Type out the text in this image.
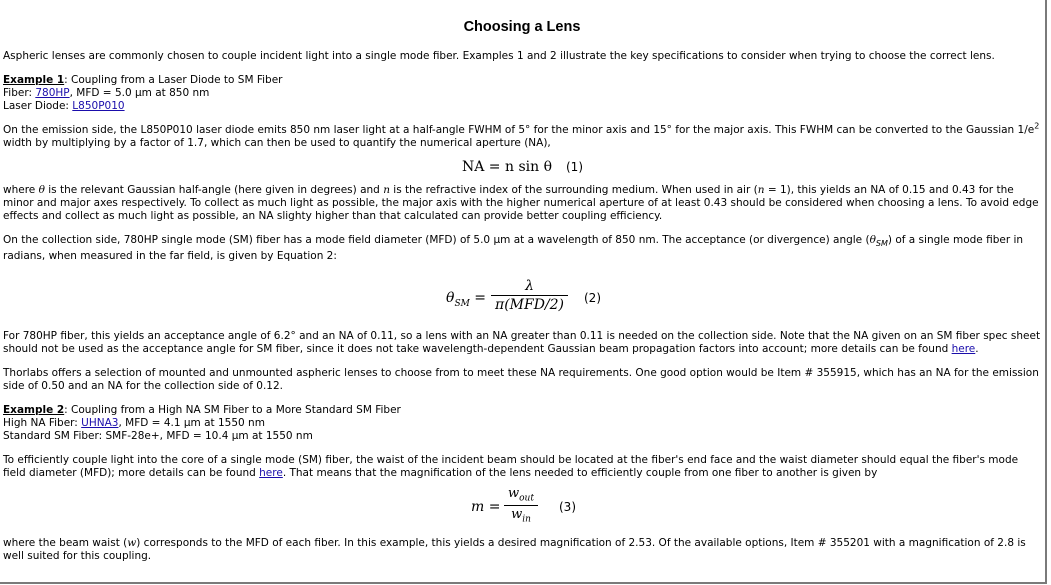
Choosing a Lens

Aspheric lenses are commonly chosen to couple incident light into a single mode fiber. Examples 1 and 2 illustrate the key specifications to consider when trying to choose the correct lens.

Example 1: Coupling from a Laser Diode to SM Fiber

Fiber: 780HP, MFD = 5.0 µm at 850 nm

Laser Diode: L850P010

On the emission side, the L850P010 laser diode emits 850 nm laser light at a half-angle FWHM of 5° for the minor axis and 15° for the major axis. This FWHM can be converted to the Gaussian $1/e^2$ width by multiplying by a factor of 1.7, which can then be used to quantify the numerical aperture (NA),

NA = n sin θ (1)

where θ is the relevant Gaussian half-angle (here given in degrees) and n is the refractive index of the surrounding medium. When used in air (n = 1), this yields an NA of 0.15 and 0.43 for the minor and major axes respectively. To collect as much light as possible, the major axis with the higher numerical aperture of at least 0.43 should be considered when choosing a lens. To avoid edge effects and collect as much light as possible, an NA slighty higher than that calculated can provide better coupling efficiency.

On the collection side, 780HP single mode (SM) fiber has a mode field diameter (MFD) of 5.0 µm at a wavelength of 850 nm. The acceptance (or divergence) angle $(\theta_{SM})$ of a single mode fiber in radians, when measured in the far field, is given by Equation 2:

$\theta_{SM}$ =
λ
π(MFD/2)	(2)

For 780HP fiber, this yields an acceptance angle of 6.2° and an NA of 0.11, so a lens with an NA greater than 0.11 is needed on the collection side. Note that the NA given on an SM fiber spec sheet should not be used as the acceptance angle for SM fiber, since it does not take wavelength-dependent Gaussian beam propagation factors into account; more details can be found here.

Thorlabs offers a selection of mounted and unmounted aspheric lenses to choose from to meet these NA requirements. One good option would be Item # 355915, which has an NA for the emission side of 0.50 and an NA for the collection side of 0.12.

Example 2: Coupling from a High NA SM Fiber to a More Standard SM Fiber

High NA Fiber: UHNA3, MFD = 4.1 µm at 1550 nm

Standard SM Fiber: SMF-28e+, MFD = 10.4 µm at 1550 nm

To efficiently couple light into the core of a single mode (SM) fiber, the waist of the incident beam should be located at the fiber's end face and the waist diameter should equal the fiber's mode field diameter (MFD); more details can be found here. That means that the magnification of the lens needed to efficiently couple from one fiber to another is given by

m =
$w_{out}$
$w_{in}$
(3)

where the beam waist (w) corresponds to the MFD of each fiber. In this example, this yields a desired magnification of 2.53. Of the available options, Item # 355201 with a magnification of 2.8 is well suited for this coupling.
